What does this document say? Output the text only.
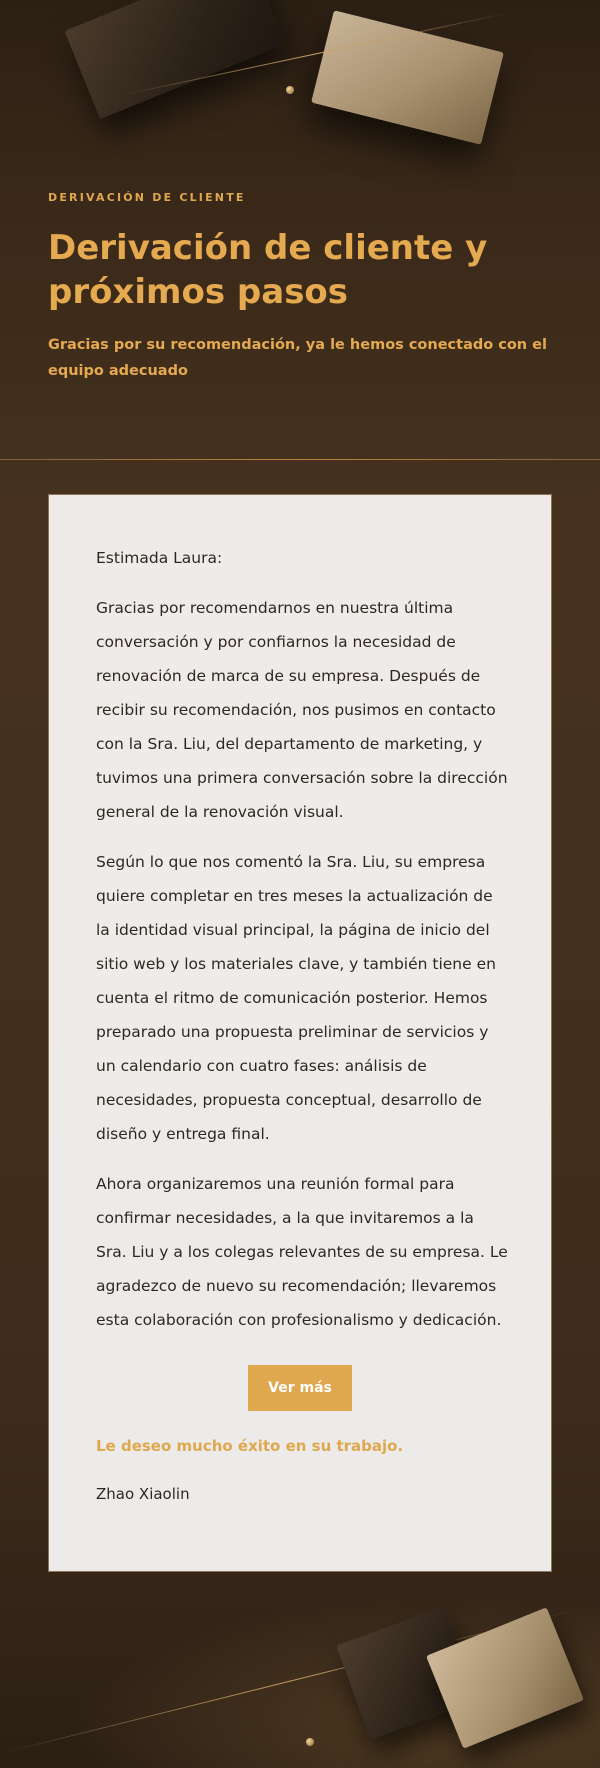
DERIVACIÓN DE CLIENTE

Derivación de cliente y próximos pasos

Gracias por su recomendación, ya le hemos conectado con el equipo adecuado

Estimada Laura:

Gracias por recomendarnos en nuestra última conversación y por confiarnos la necesidad de renovación de marca de su empresa. Después de recibir su recomendación, nos pusimos en contacto con la Sra. Liu, del departamento de marketing, y tuvimos una primera conversación sobre la dirección general de la renovación visual.

Según lo que nos comentó la Sra. Liu, su empresa quiere completar en tres meses la actualización de la identidad visual principal, la página de inicio del sitio web y los materiales clave, y también tiene en cuenta el ritmo de comunicación posterior. Hemos preparado una propuesta preliminar de servicios y un calendario con cuatro fases: análisis de necesidades, propuesta conceptual, desarrollo de diseño y entrega final.

Ahora organizaremos una reunión formal para confirmar necesidades, a la que invitaremos a la Sra. Liu y a los colegas relevantes de su empresa. Le agradezco de nuevo su recomendación; llevaremos esta colaboración con profesionalismo y dedicación.

Ver más

Le deseo mucho éxito en su trabajo.

Zhao Xiaolin
